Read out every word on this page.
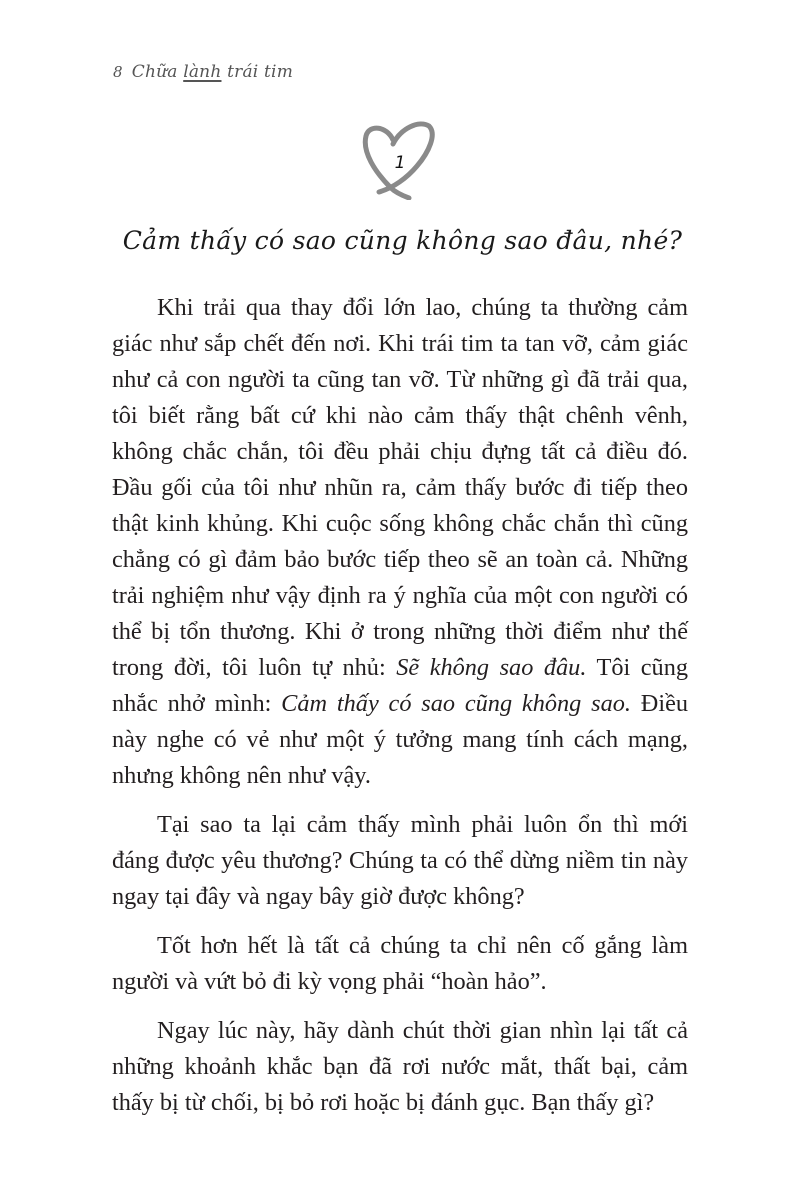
8 Chữa lành trái tim
1
Cảm thấy có sao cũng không sao đâu, nhé?

Khi trải qua thay đổi lớn lao, chúng ta thường cảm giác như sắp chết đến nơi. Khi trái tim ta tan vỡ, cảm giác như cả con người ta cũng tan vỡ. Từ những gì đã trải qua, tôi biết rằng bất cứ khi nào cảm thấy thật chênh vênh, không chắc chắn, tôi đều phải chịu đựng tất cả điều đó. Đầu gối của tôi như nhũn ra, cảm thấy bước đi tiếp theo thật kinh khủng. Khi cuộc sống không chắc chắn thì cũng chẳng có gì đảm bảo bước tiếp theo sẽ an toàn cả. Những trải nghiệm như vậy định ra ý nghĩa của một con người có thể bị tổn thương. Khi ở trong những thời điểm như thế trong đời, tôi luôn tự nhủ: Sẽ không sao đâu. Tôi cũng nhắc nhở mình: Cảm thấy có sao cũng không sao. Điều này nghe có vẻ như một ý tưởng mang tính cách mạng, nhưng không nên như vậy.

Tại sao ta lại cảm thấy mình phải luôn ổn thì mới đáng được yêu thương? Chúng ta có thể dừng niềm tin này ngay tại đây và ngay bây giờ được không?

Tốt hơn hết là tất cả chúng ta chỉ nên cố gắng làm người và vứt bỏ đi kỳ vọng phải “hoàn hảo”.

Ngay lúc này, hãy dành chút thời gian nhìn lại tất cả những khoảnh khắc bạn đã rơi nước mắt, thất bại, cảm thấy bị từ chối, bị bỏ rơi hoặc bị đánh gục. Bạn thấy gì?
